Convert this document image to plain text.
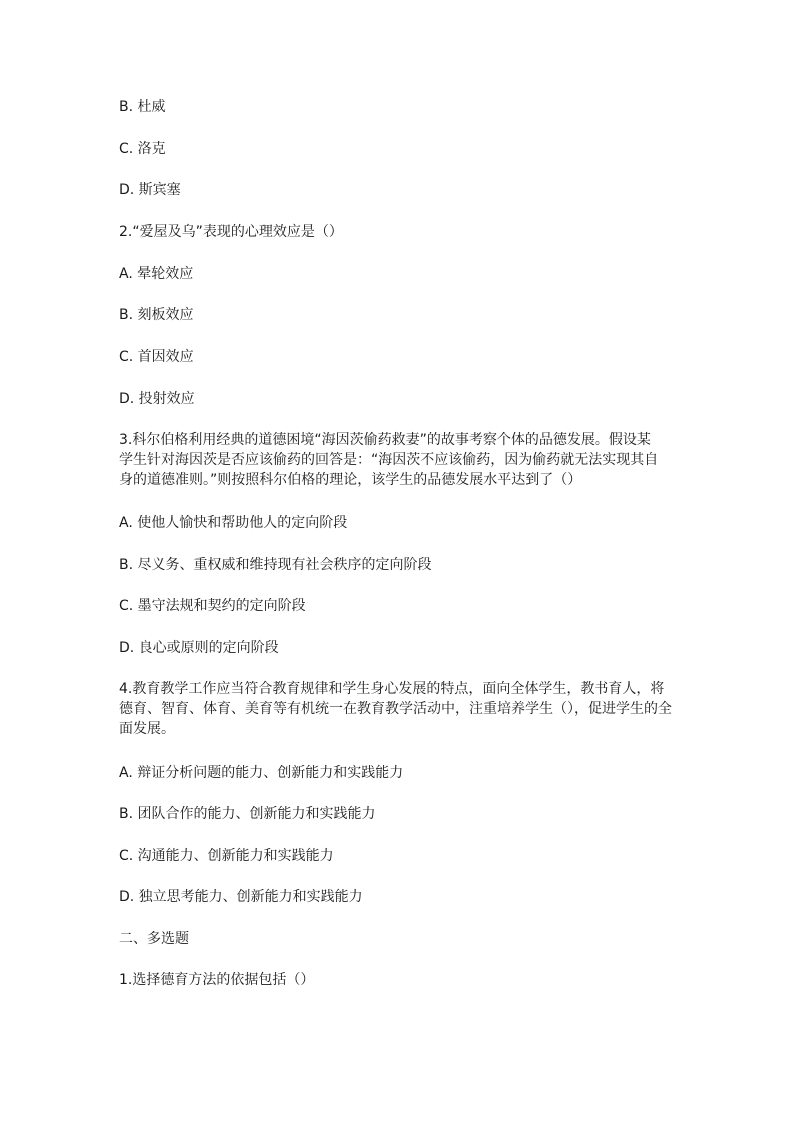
B. 杜威
C. 洛克
D. 斯宾塞
2.“爱屋及乌”表现的心理效应是（）
A. 晕轮效应
B. 刻板效应
C. 首因效应
D. 投射效应
3.科尔伯格利用经典的道德困境“海因茨偷药救妻”的故事考察个体的品德发展。假设某
学生针对海因茨是否应该偷药的回答是：“海因茨不应该偷药，因为偷药就无法实现其自
身的道德准则。”则按照科尔伯格的理论，该学生的品德发展水平达到了（）
A. 使他人愉快和帮助他人的定向阶段
B. 尽义务、重权威和维持现有社会秩序的定向阶段
C. 墨守法规和契约的定向阶段
D. 良心或原则的定向阶段
4.教育教学工作应当符合教育规律和学生身心发展的特点，面向全体学生，教书育人，将
德育、智育、体育、美育等有机统一在教育教学活动中，注重培养学生（），促进学生的全
面发展。
A. 辩证分析问题的能力、创新能力和实践能力
B. 团队合作的能力、创新能力和实践能力
C. 沟通能力、创新能力和实践能力
D. 独立思考能力、创新能力和实践能力
二、多选题
1.选择德育方法的依据包括（）
